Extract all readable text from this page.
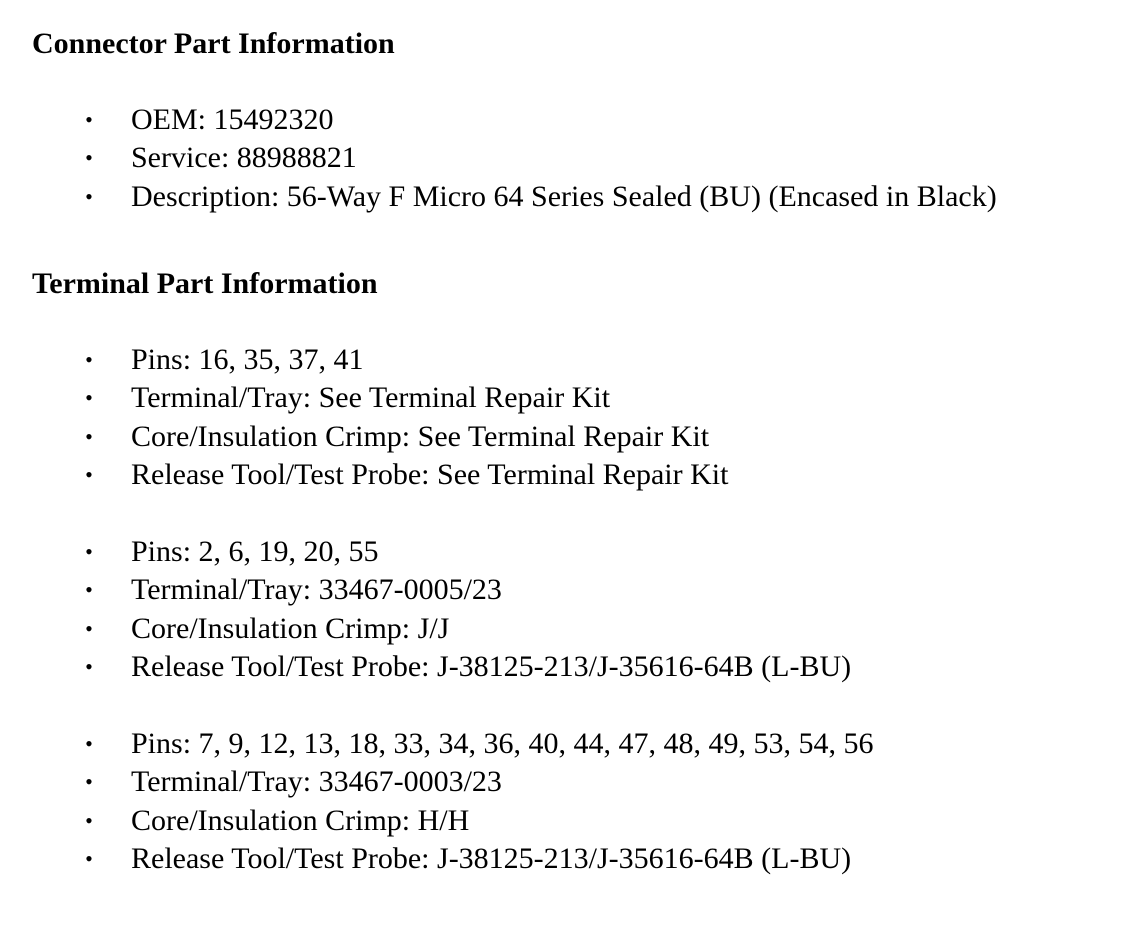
Connector Part Information
• OEM: 15492320
• Service: 88988821
• Description: 56-Way F Micro 64 Series Sealed (BU) (Encased in Black)
Terminal Part Information
• Pins: 16, 35, 37, 41
• Terminal/Tray: See Terminal Repair Kit
• Core/Insulation Crimp: See Terminal Repair Kit
• Release Tool/Test Probe: See Terminal Repair Kit
• Pins: 2, 6, 19, 20, 55
• Terminal/Tray: 33467-0005/23
• Core/Insulation Crimp: J/J
• Release Tool/Test Probe: J-38125-213/J-35616-64B (L-BU)
• Pins: 7, 9, 12, 13, 18, 33, 34, 36, 40, 44, 47, 48, 49, 53, 54, 56
• Terminal/Tray: 33467-0003/23
• Core/Insulation Crimp: H/H
• Release Tool/Test Probe: J-38125-213/J-35616-64B (L-BU)
